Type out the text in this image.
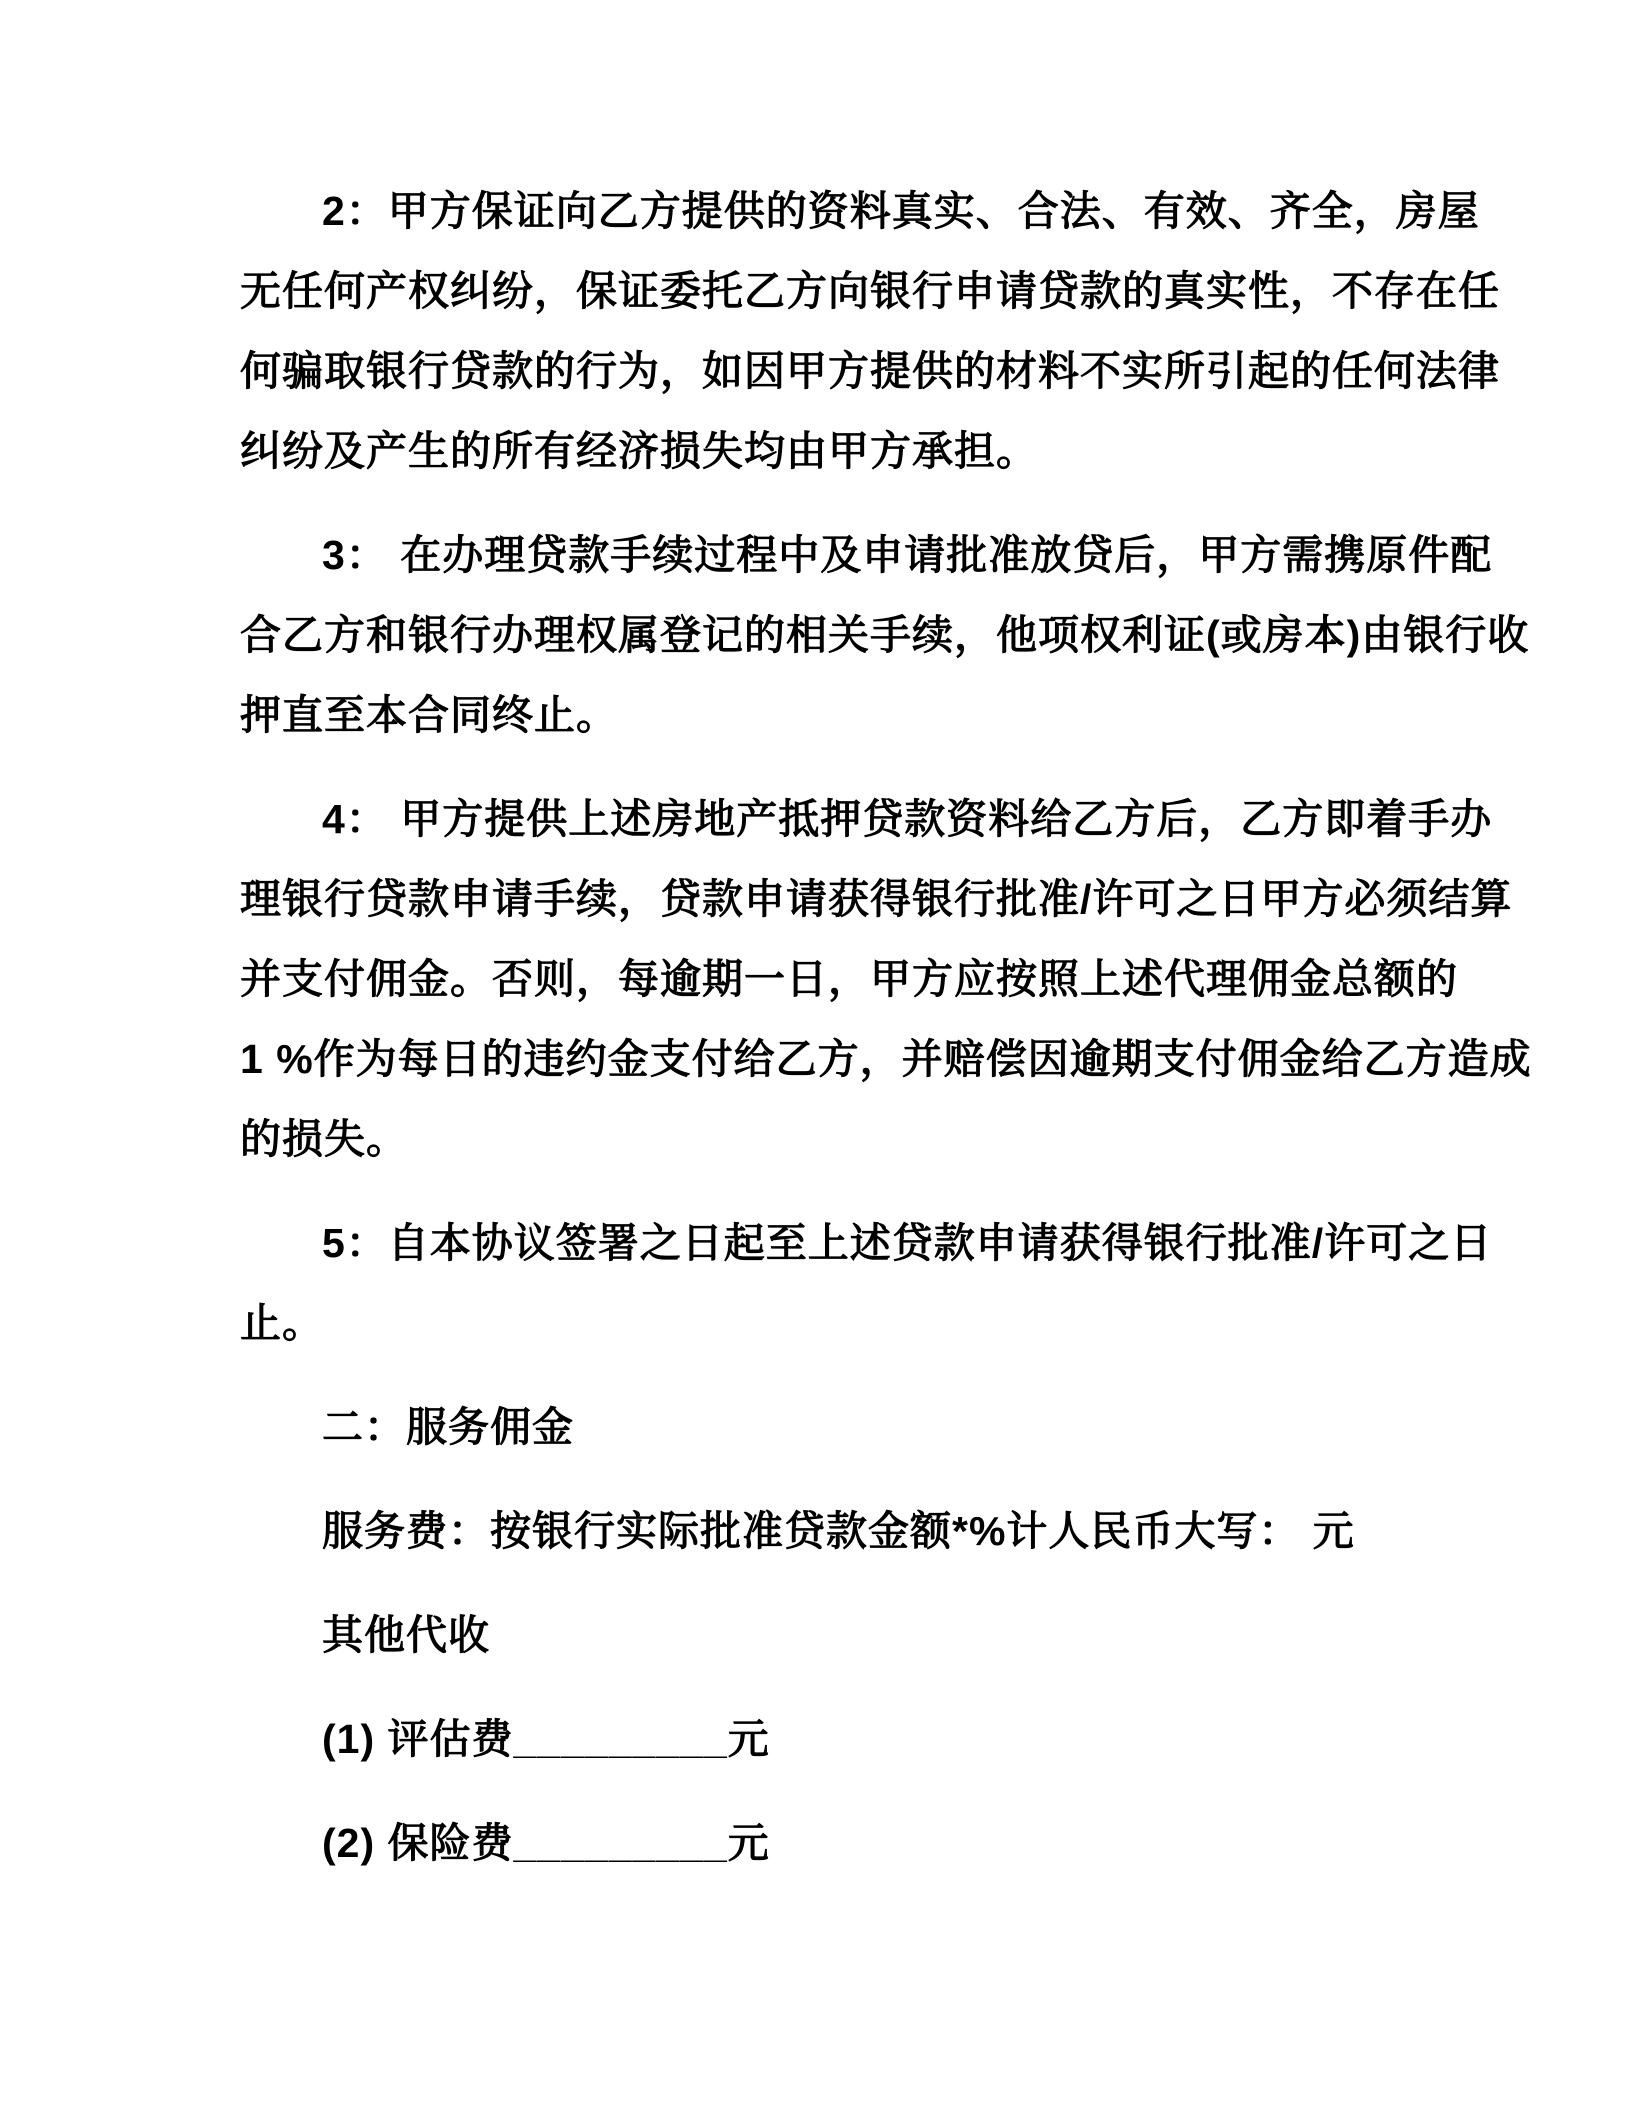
2：甲方保证向乙方提供的资料真实、合法、有效、齐全，房屋
无任何产权纠纷，保证委托乙方向银行申请贷款的真实性，不存在任
何骗取银行贷款的行为，如因甲方提供的材料不实所引起的任何法律
纠纷及产生的所有经济损失均由甲方承担。

3： 在办理贷款手续过程中及申请批准放贷后，甲方需携原件配
合乙方和银行办理权属登记的相关手续，他项权利证(或房本)由银行收
押直至本合同终止。

4： 甲方提供上述房地产抵押贷款资料给乙方后，乙方即着手办
理银行贷款申请手续，贷款申请获得银行批准/许可之日甲方必须结算
并支付佣金。否则，每逾期一日，甲方应按照上述代理佣金总额的
1 %作为每日的违约金支付给乙方，并赔偿因逾期支付佣金给乙方造成
的损失。

5：自本协议签署之日起至上述贷款申请获得银行批准/许可之日
止。

二：服务佣金

服务费：按银行实际批准贷款金额*%计人民币大写： 元

其他代收

(1) 评估费_________元

(2) 保险费_________元
